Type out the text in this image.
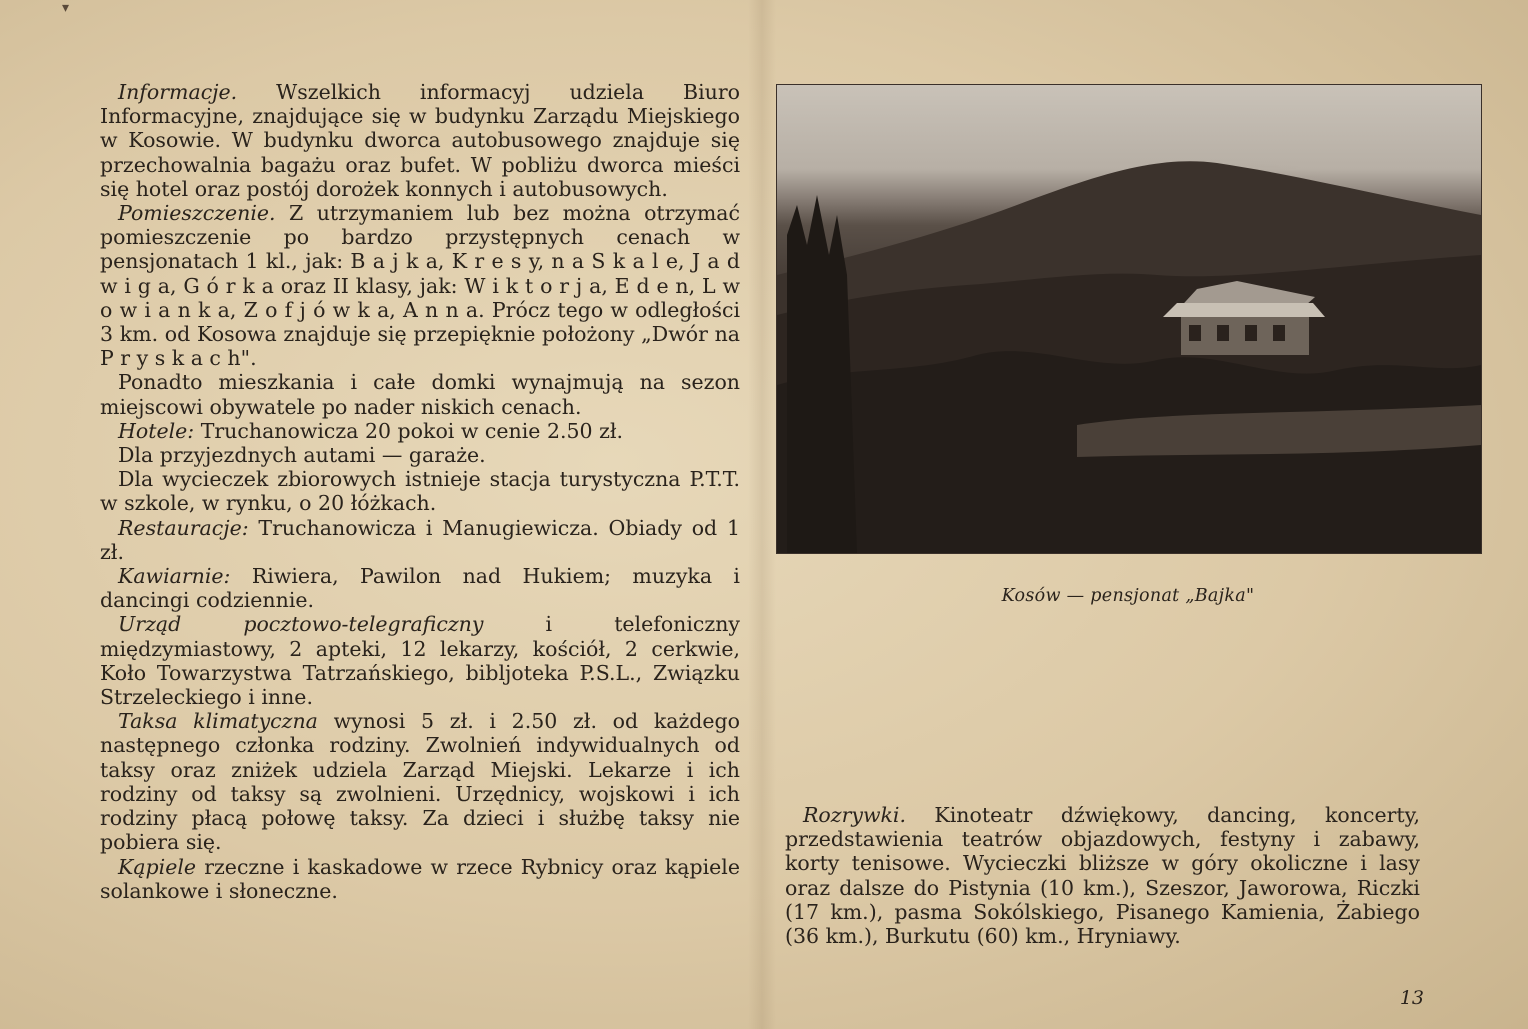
▾

Informacje. Wszelkich informacyj udziela Biuro Informacyjne, znajdujące się w budynku Zarządu Miejskiego w Kosowie. W budynku dworca autobusowego znajduje się przechowalnia bagażu oraz bufet. W pobliżu dworca mieści się hotel oraz postój dorożek konnych i autobusowych.

Pomieszczenie. Z utrzymaniem lub bez można otrzymać pomieszczenie po bardzo przystępnych cenach w pensjonatach 1 kl., jak: B a j k a, K r e s y, n a S k a l e, J a d w i g a, G ó r k a oraz II klasy, jak: W i k t o r j a, E d e n, L w o w i a n k a, Z o f j ó w k a, A n n a. Prócz tego w odległości 3 km. od Kosowa znajduje się przepięknie położony „Dwór na P r y s k a c h".

Ponadto mieszkania i całe domki wynajmują na sezon miejscowi obywatele po nader niskich cenach.

Hotele: Truchanowicza 20 pokoi w cenie 2.50 zł.

Dla przyjezdnych autami — garaże.

Dla wycieczek zbiorowych istnieje stacja turystyczna P.T.T. w szkole, w rynku, o 20 łóżkach.

Restauracje: Truchanowicza i Manugiewicza. Obiady od 1 zł.

Kawiarnie: Riwiera, Pawilon nad Hukiem; muzyka i dancingi codziennie.

Urząd pocztowo-telegraficzny i telefoniczny międzymiastowy, 2 apteki, 12 lekarzy, kościół, 2 cerkwie, Koło Towarzystwa Tatrzańskiego, bibljoteka P.S.L., Związku Strzeleckiego i inne.

Taksa klimatyczna wynosi 5 zł. i 2.50 zł. od każdego następnego członka rodziny. Zwolnień indywidualnych od taksy oraz zniżek udziela Zarząd Miejski. Lekarze i ich rodziny od taksy są zwolnieni. Urzędnicy, wojskowi i ich rodziny płacą połowę taksy. Za dzieci i służbę taksy nie pobiera się.

Kąpiele rzeczne i kaskadowe w rzece Rybnicy oraz kąpiele solankowe i słoneczne.

Kosów — pensjonat „Bajka"

Rozrywki. Kinoteatr dźwiękowy, dancing, koncerty, przedstawienia teatrów objazdowych, festyny i zabawy, korty tenisowe. Wycieczki bliższe w góry okoliczne i lasy oraz dalsze do Pistynia (10 km.), Szeszor, Jaworowa, Riczki (17 km.), pasma Sokólskiego, Pisanego Kamienia, Żabiego (36 km.), Burkutu (60) km., Hryniawy.

13
